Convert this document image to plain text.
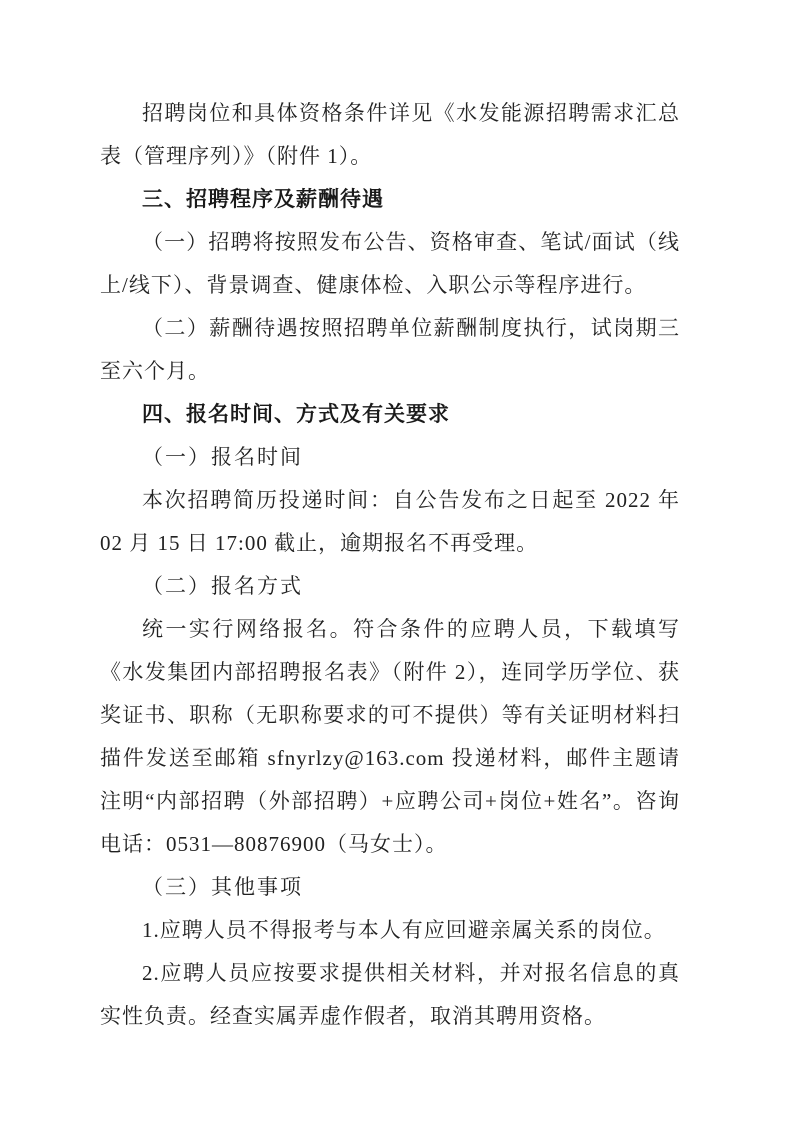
招聘岗位和具体资格条件详见《水发能源招聘需求汇总表（管理序列）》（附件 1）。

三、招聘程序及薪酬待遇

（一）招聘将按照发布公告、资格审查、笔试/面试（线上/线下）、背景调查、健康体检、入职公示等程序进行。

（二）薪酬待遇按照招聘单位薪酬制度执行，试岗期三至六个月。

四、报名时间、方式及有关要求

（一）报名时间

本次招聘简历投递时间：自公告发布之日起至 2022 年 02 月 15 日 17:00 截止，逾期报名不再受理。

（二）报名方式

统一实行网络报名。符合条件的应聘人员，下载填写《水发集团内部招聘报名表》（附件 2），连同学历学位、获奖证书、职称（无职称要求的可不提供）等有关证明材料扫描件发送至邮箱 sfnyrlzy@163.com 投递材料，邮件主题请注明“内部招聘（外部招聘）+应聘公司+岗位+姓名”。咨询电话：0531—80876900（马女士）。

（三）其他事项

1.应聘人员不得报考与本人有应回避亲属关系的岗位。

2.应聘人员应按要求提供相关材料，并对报名信息的真实性负责。经查实属弄虚作假者，取消其聘用资格。
